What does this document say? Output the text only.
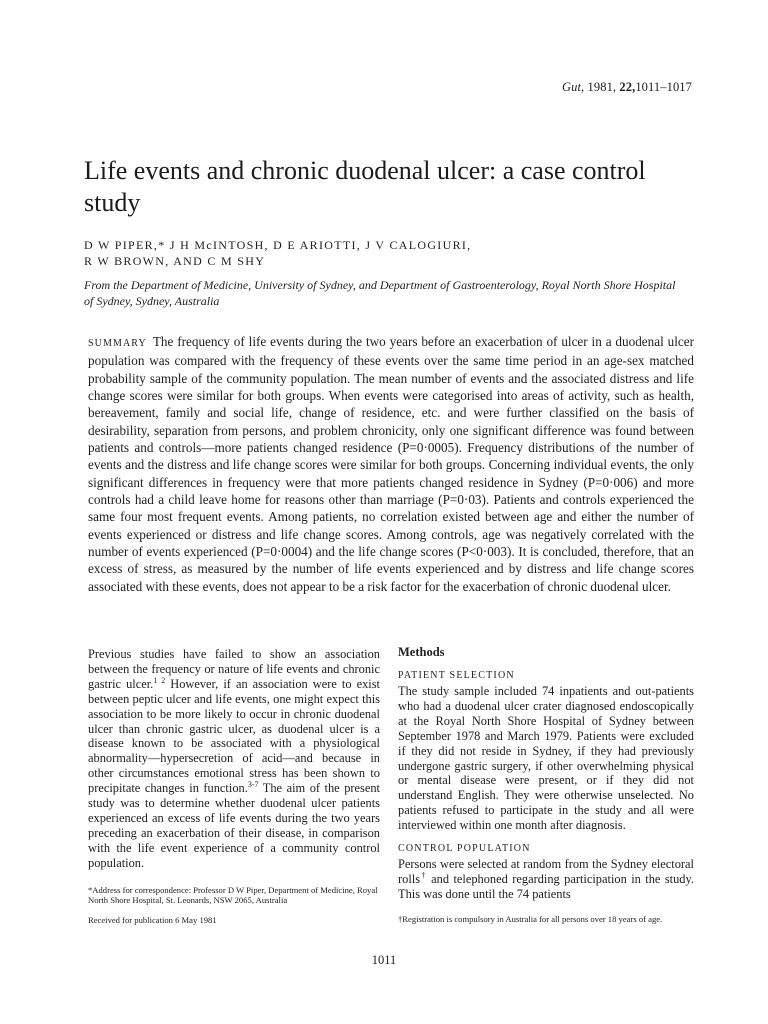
Gut, 1981, 22,1011–1017
Life events and chronic duodenal ulcer: a case control study
D W PIPER,* J H McINTOSH, D E ARIOTTI, J V CALOGIURI,
R W BROWN, AND C M SHY
From the Department of Medicine, University of Sydney, and Department of Gastroenterology, Royal North Shore Hospital of Sydney, Sydney, Australia

SUMMARY The frequency of life events during the two years before an exacerbation of ulcer in a duodenal ulcer population was compared with the frequency of these events over the same time period in an age-sex matched probability sample of the community population. The mean number of events and the associated distress and life change scores were similar for both groups. When events were categorised into areas of activity, such as health, bereavement, family and social life, change of residence, etc. and were further classified on the basis of desirability, separation from persons, and problem chronicity, only one significant difference was found between patients and controls—more patients changed residence (P=0·0005). Frequency distributions of the number of events and the distress and life change scores were similar for both groups. Concerning individual events, the only significant differences in frequency were that more patients changed residence in Sydney (P=0·006) and more controls had a child leave home for reasons other than marriage (P=0·03). Patients and controls experienced the same four most frequent events. Among patients, no correlation existed between age and either the number of events experienced or distress and life change scores. Among controls, age was negatively correlated with the number of events experienced (P=0·0004) and the life change scores (P<0·003). It is concluded, therefore, that an excess of stress, as measured by the number of life events experienced and by distress and life change scores associated with these events, does not appear to be a risk factor for the exacerbation of chronic duodenal ulcer.

Previous studies have failed to show an association between the frequency or nature of life events and chronic gastric ulcer.$^{1 2}$ However, if an association were to exist between peptic ulcer and life events, one might expect this association to be more likely to occur in chronic duodenal ulcer than chronic gastric ulcer, as duodenal ulcer is a disease known to be associated with a physiological abnormality—hypersecretion of acid—and because in other circumstances emotional stress has been shown to precipitate changes in function.$^{3-7}$ The aim of the present study was to determine whether duodenal ulcer patients experienced an excess of life events during the two years preceding an exacerbation of their disease, in comparison with the life event experience of a community control population.

*Address for correspondence: Professor D W Piper, Department of Medicine, Royal North Shore Hospital, St. Leonards, NSW 2065, Australia

Received for publication 6 May 1981

Methods

PATIENT SELECTION

The study sample included 74 inpatients and out-patients who had a duodenal ulcer crater diagnosed endoscopically at the Royal North Shore Hospital of Sydney between September 1978 and March 1979. Patients were excluded if they did not reside in Sydney, if they had previously undergone gastric surgery, if other overwhelming physical or mental disease were present, or if they did not understand English. They were otherwise unselected. No patients refused to participate in the study and all were interviewed within one month after diagnosis.

CONTROL POPULATION

Persons were selected at random from the Sydney electoral rolls† and telephoned regarding participation in the study. This was done until the 74 patients

†Registration is compulsory in Australia for all persons over 18 years of age.

1011
